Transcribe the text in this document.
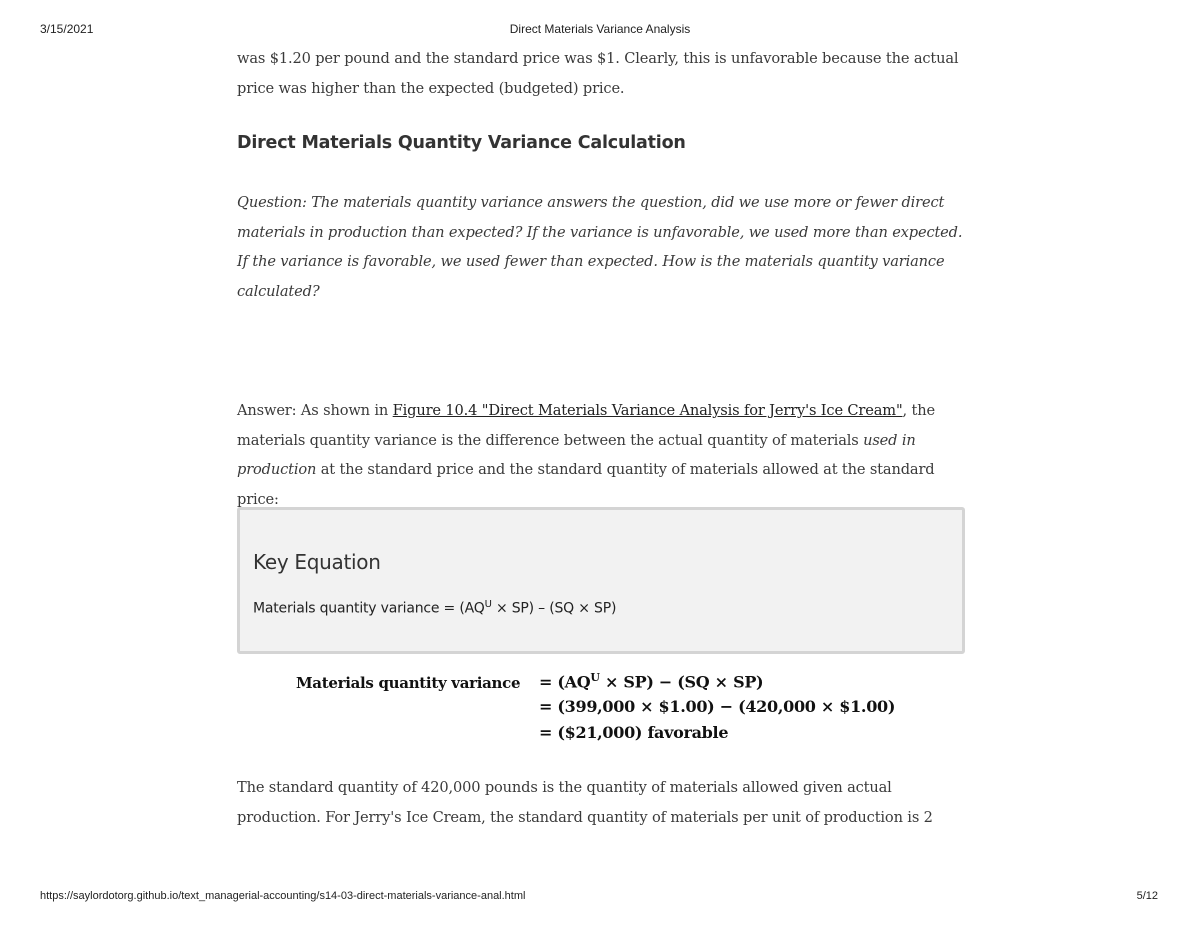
3/15/2021	Direct Materials Variance Analysis
was $1.20 per pound and the standard price was $1. Clearly, this is unfavorable because the actual price was higher than the expected (budgeted) price.
Direct Materials Quantity Variance Calculation
Question: The materials quantity variance answers the question, did we use more or fewer direct materials in production than expected? If the variance is unfavorable, we used more than expected. If the variance is favorable, we used fewer than expected. How is the materials quantity variance calculated?
Answer: As shown in Figure 10.4 "Direct Materials Variance Analysis for Jerry's Ice Cream", the materials quantity variance is the difference between the actual quantity of materials used in production at the standard price and the standard quantity of materials allowed at the standard price:
Key Equation
Materials quantity variance = $(AQ^U \times SP) - (SQ \times SP)$
Materials quantity variance = $(AQ^U \times SP) - (SQ \times SP)$
= (399,000 × $1.00) − (420,000 × $1.00)
= ($21,000) favorable
The standard quantity of 420,000 pounds is the quantity of materials allowed given actual production. For Jerry's Ice Cream, the standard quantity of materials per unit of production is 2
https://saylordotorg.github.io/text_managerial-accounting/s14-03-direct-materials-variance-anal.html	5/12
